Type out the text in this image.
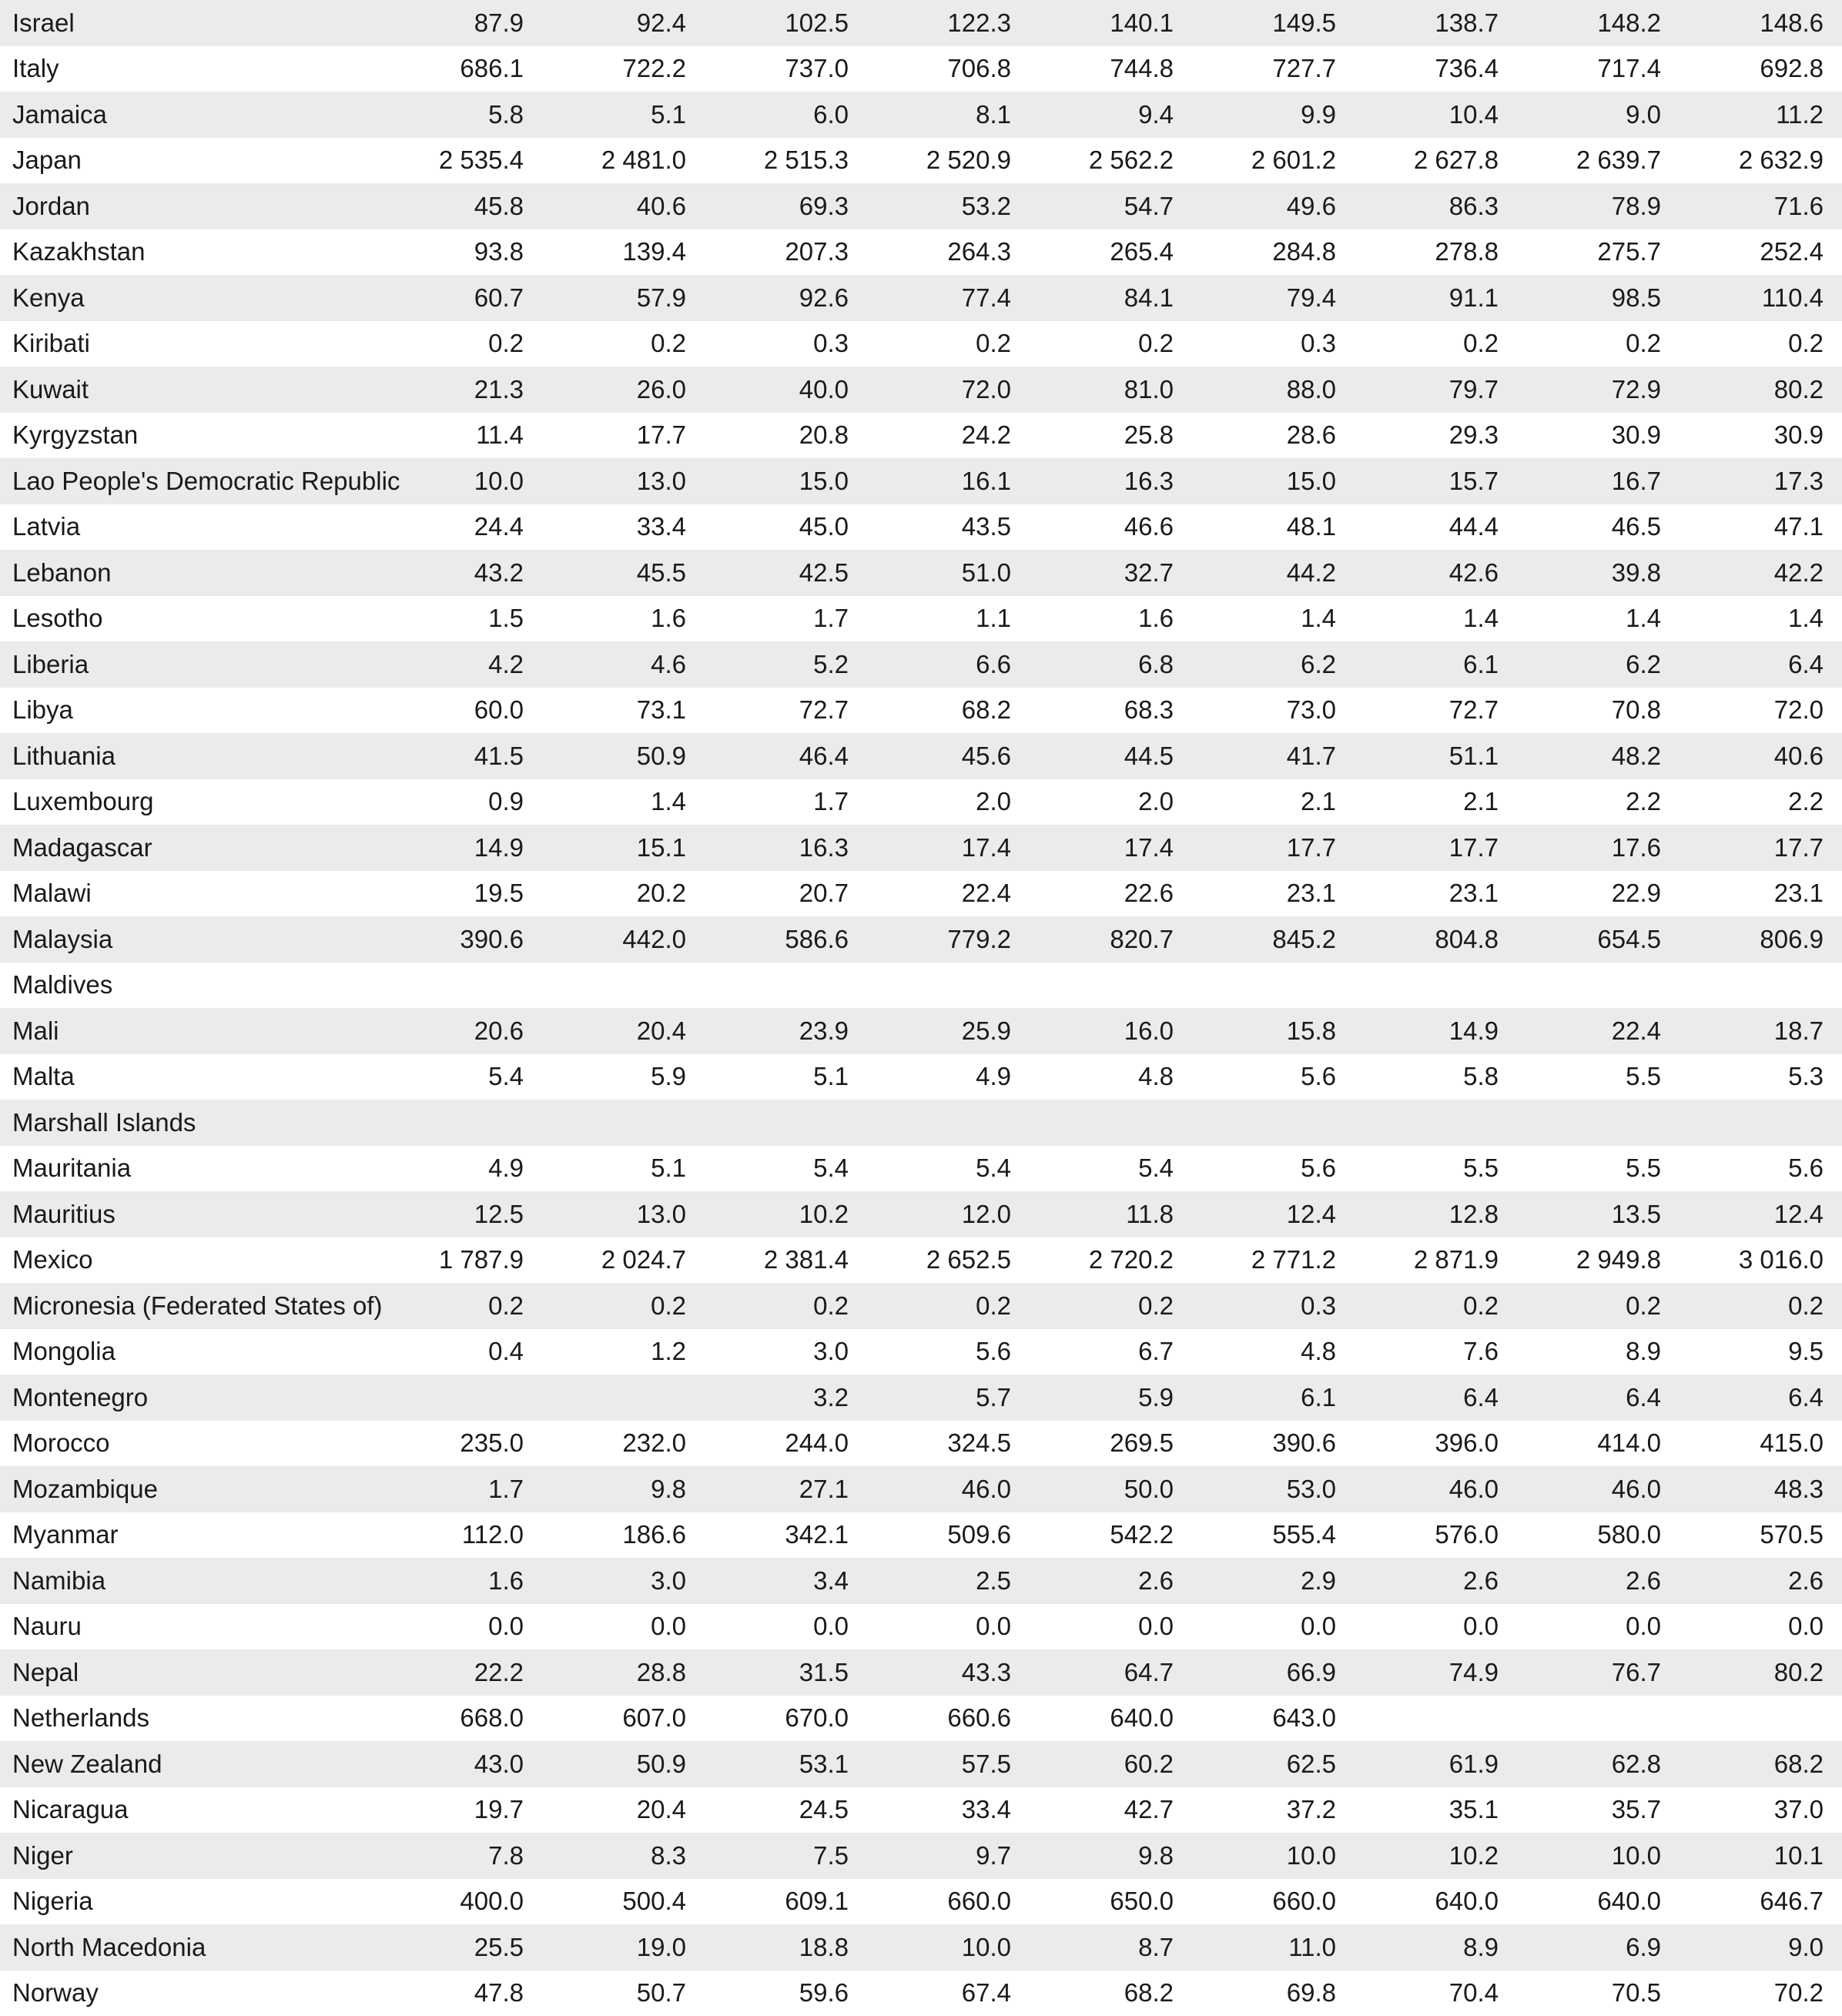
Israel	87.9	92.4	102.5	122.3	140.1	149.5	138.7	148.2	148.6
Italy	686.1	722.2	737.0	706.8	744.8	727.7	736.4	717.4	692.8
Jamaica	5.8	5.1	6.0	8.1	9.4	9.9	10.4	9.0	11.2
Japan	2 535.4	2 481.0	2 515.3	2 520.9	2 562.2	2 601.2	2 627.8	2 639.7	2 632.9
Jordan	45.8	40.6	69.3	53.2	54.7	49.6	86.3	78.9	71.6
Kazakhstan	93.8	139.4	207.3	264.3	265.4	284.8	278.8	275.7	252.4
Kenya	60.7	57.9	92.6	77.4	84.1	79.4	91.1	98.5	110.4
Kiribati	0.2	0.2	0.3	0.2	0.2	0.3	0.2	0.2	0.2
Kuwait	21.3	26.0	40.0	72.0	81.0	88.0	79.7	72.9	80.2
Kyrgyzstan	11.4	17.7	20.8	24.2	25.8	28.6	29.3	30.9	30.9
Lao People's Democratic Republic	10.0	13.0	15.0	16.1	16.3	15.0	15.7	16.7	17.3
Latvia	24.4	33.4	45.0	43.5	46.6	48.1	44.4	46.5	47.1
Lebanon	43.2	45.5	42.5	51.0	32.7	44.2	42.6	39.8	42.2
Lesotho	1.5	1.6	1.7	1.1	1.6	1.4	1.4	1.4	1.4
Liberia	4.2	4.6	5.2	6.6	6.8	6.2	6.1	6.2	6.4
Libya	60.0	73.1	72.7	68.2	68.3	73.0	72.7	70.8	72.0
Lithuania	41.5	50.9	46.4	45.6	44.5	41.7	51.1	48.2	40.6
Luxembourg	0.9	1.4	1.7	2.0	2.0	2.1	2.1	2.2	2.2
Madagascar	14.9	15.1	16.3	17.4	17.4	17.7	17.7	17.6	17.7
Malawi	19.5	20.2	20.7	22.4	22.6	23.1	23.1	22.9	23.1
Malaysia	390.6	442.0	586.6	779.2	820.7	845.2	804.8	654.5	806.9
Maldives									
Mali	20.6	20.4	23.9	25.9	16.0	15.8	14.9	22.4	18.7
Malta	5.4	5.9	5.1	4.9	4.8	5.6	5.8	5.5	5.3
Marshall Islands									
Mauritania	4.9	5.1	5.4	5.4	5.4	5.6	5.5	5.5	5.6
Mauritius	12.5	13.0	10.2	12.0	11.8	12.4	12.8	13.5	12.4
Mexico	1 787.9	2 024.7	2 381.4	2 652.5	2 720.2	2 771.2	2 871.9	2 949.8	3 016.0
Micronesia (Federated States of)	0.2	0.2	0.2	0.2	0.2	0.3	0.2	0.2	0.2
Mongolia	0.4	1.2	3.0	5.6	6.7	4.8	7.6	8.9	9.5
Montenegro			3.2	5.7	5.9	6.1	6.4	6.4	6.4
Morocco	235.0	232.0	244.0	324.5	269.5	390.6	396.0	414.0	415.0
Mozambique	1.7	9.8	27.1	46.0	50.0	53.0	46.0	46.0	48.3
Myanmar	112.0	186.6	342.1	509.6	542.2	555.4	576.0	580.0	570.5
Namibia	1.6	3.0	3.4	2.5	2.6	2.9	2.6	2.6	2.6
Nauru	0.0	0.0	0.0	0.0	0.0	0.0	0.0	0.0	0.0
Nepal	22.2	28.8	31.5	43.3	64.7	66.9	74.9	76.7	80.2
Netherlands	668.0	607.0	670.0	660.6	640.0	643.0			
New Zealand	43.0	50.9	53.1	57.5	60.2	62.5	61.9	62.8	68.2
Nicaragua	19.7	20.4	24.5	33.4	42.7	37.2	35.1	35.7	37.0
Niger	7.8	8.3	7.5	9.7	9.8	10.0	10.2	10.0	10.1
Nigeria	400.0	500.4	609.1	660.0	650.0	660.0	640.0	640.0	646.7
North Macedonia	25.5	19.0	18.8	10.0	8.7	11.0	8.9	6.9	9.0
Norway	47.8	50.7	59.6	67.4	68.2	69.8	70.4	70.5	70.2
